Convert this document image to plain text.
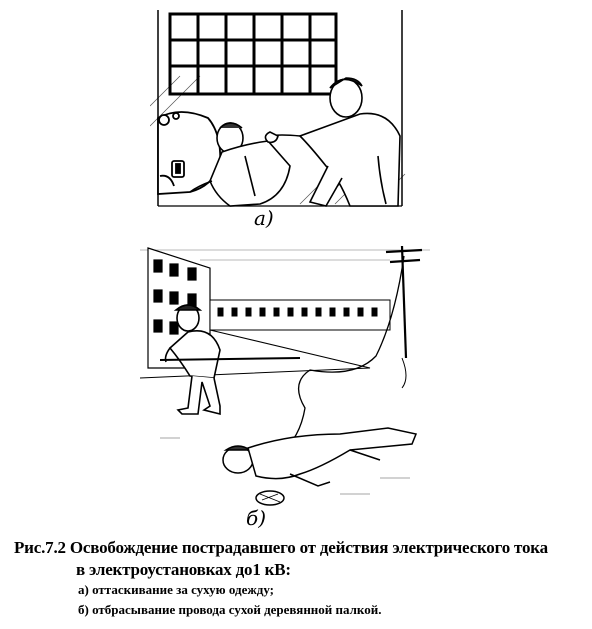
а)
б)
Рис.7.2 Освобождение пострадавшего от действия электрического тока
в электроустановках до1 кВ:
а) оттаскивание за сухую одежду;
б) отбрасывание провода сухой деревянной палкой.
